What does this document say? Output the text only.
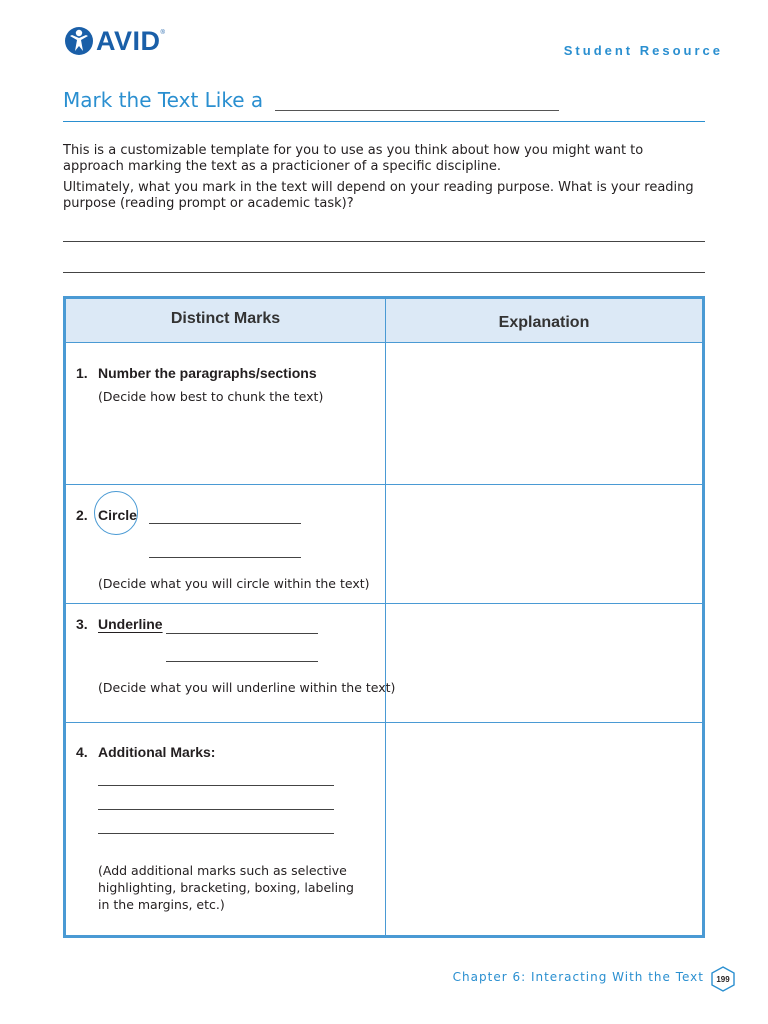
AVID ®
Student Resource
Mark the Text Like a

This is a customizable template for you to use as you think about how you might want to approach marking the text as a practicioner of a specific discipline.

Ultimately, what you mark in the text will depend on your reading purpose. What is your reading purpose (reading prompt or academic task)?

Distinct Marks	Explanation
1. Number the paragraphs/sections
(Decide how best to chunk the text)
2. Circle
(Decide what you will circle within the text)
3. Underline
(Decide what you will underline within the text)
4. Additional Marks:
(Add additional marks such as selective highlighting, bracketing, boxing, labeling in the margins, etc.)
Chapter 6: Interacting With the Text	199
